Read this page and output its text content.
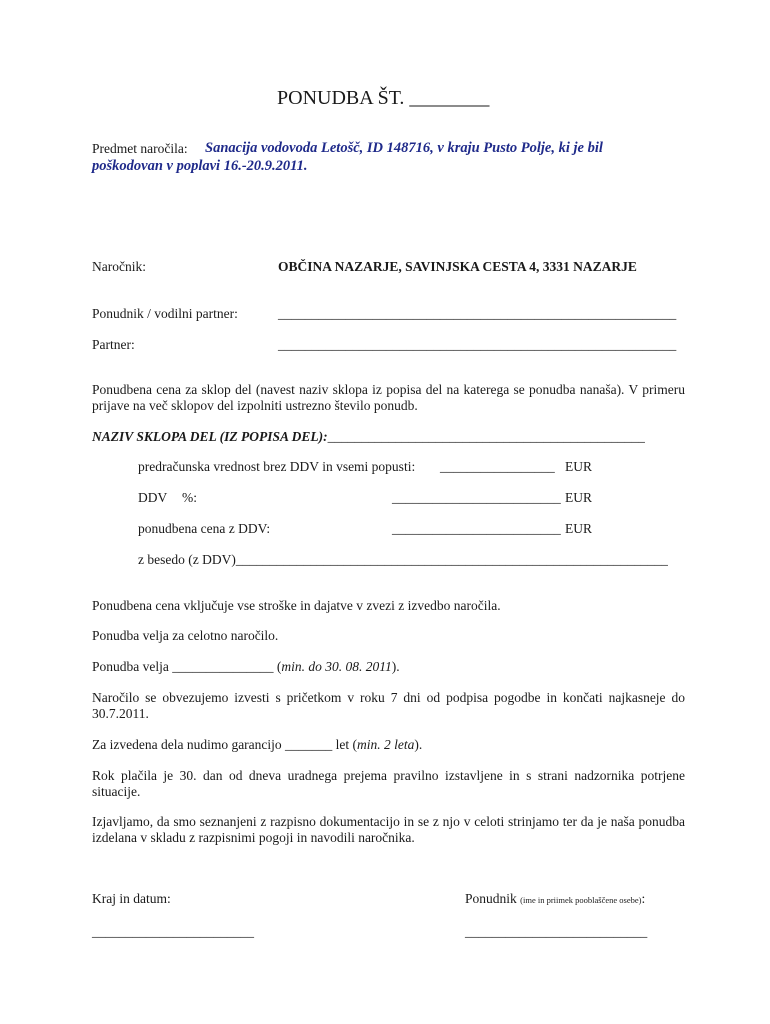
PONUDBA ŠT. ________
Predmet naročila: Sanacija vodovoda Letošč, ID 148716, v kraju Pusto Polje, ki je bil
poškodovan v poplavi 16.-20.9.2011.
Naročnik:	OBČINA NAZARJE, SAVINJSKA CESTA 4, 3331 NAZARJE
Ponudnik / vodilni partner:	___________________________________________________________
Partner:	___________________________________________________________
Ponudbena cena za sklop del (navest naziv sklopa iz popisa del na katerega se ponudba nanaša). V primeru prijave na več sklopov del izpolniti ustrezno število ponudb.
NAZIV SKLOPA DEL (IZ POPISA DEL):_______________________________________________
predračunska vrednost brez DDV in vsemi popusti: _________________ EUR
DDV %:	_________________________ EUR
ponudbena cena z DDV:	_________________________ EUR
z besedo (z DDV)________________________________________________________________
Ponudbena cena vključuje vse stroške in dajatve v zvezi z izvedbo naročila.
Ponudba velja za celotno naročilo.
Ponudba velja _______________ (min. do 30. 08. 2011).
Naročilo se obvezujemo izvesti s pričetkom v roku 7 dni od podpisa pogodbe in končati najkasneje do 30.7.2011.
Za izvedena dela nudimo garancijo _______ let (min. 2 leta).
Rok plačila je 30. dan od dneva uradnega prejema pravilno izstavljene in s strani nadzornika potrjene situacije.
Izjavljamo, da smo seznanjeni z razpisno dokumentacijo in se z njo v celoti strinjamo ter da je naša ponudba izdelana v skladu z razpisnimi pogoji in navodili naročnika.
Kraj in datum:
________________________
Ponudnik (ime in priimek pooblaščene osebe):
___________________________
